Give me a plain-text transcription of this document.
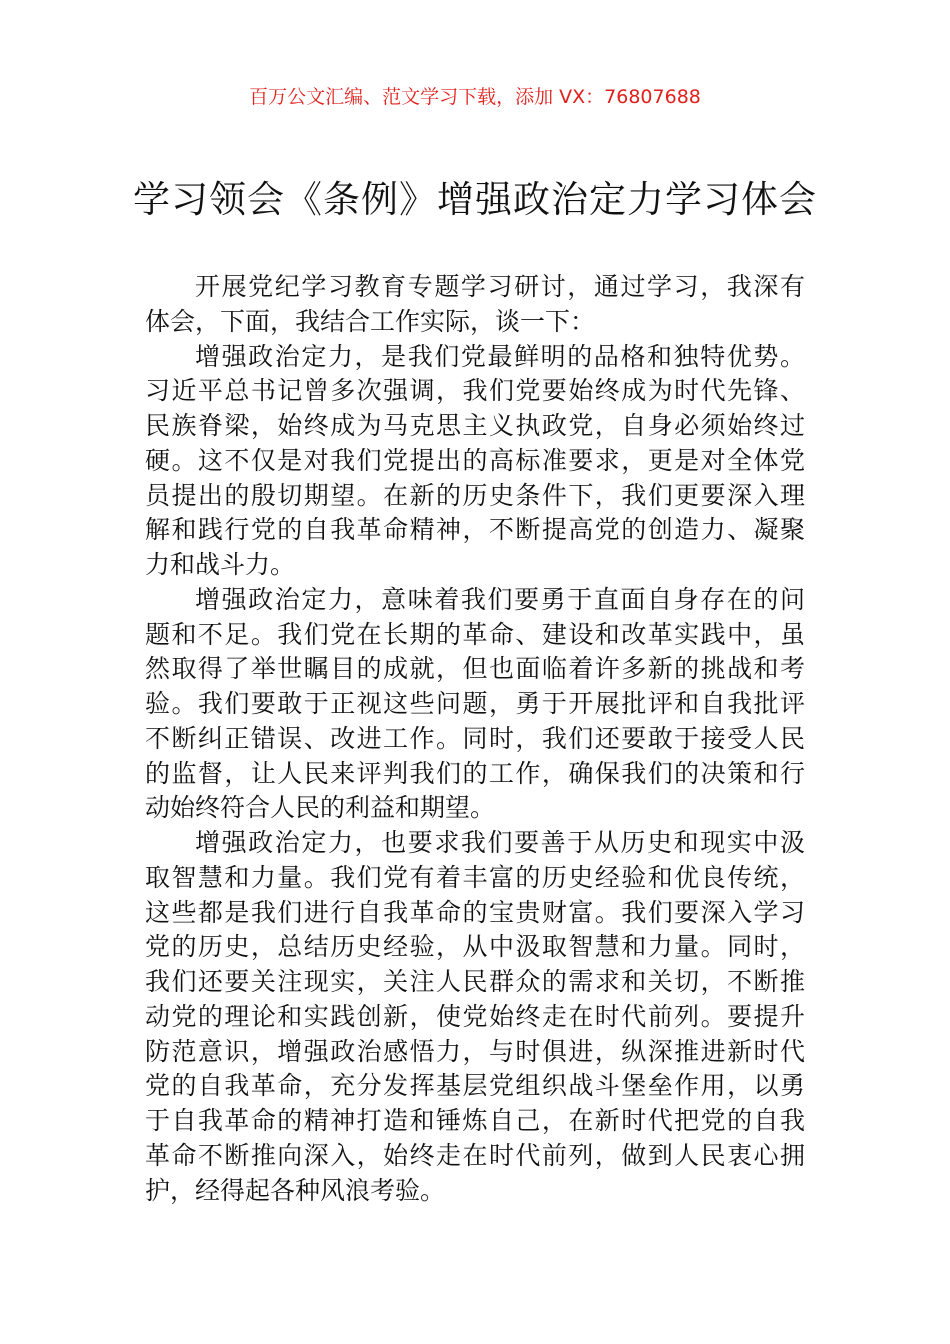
百万公文汇编、范文学习下载，添加 VX：76807688
学习领会《条例》增强政治定力学习体会
开展党纪学习教育专题学习研讨，通过学习，我深有
体会，下面，我结合工作实际，谈一下：
增强政治定力，是我们党最鲜明的品格和独特优势。
习近平总书记曾多次强调，我们党要始终成为时代先锋、
民族脊梁，始终成为马克思主义执政党，自身必须始终过
硬。这不仅是对我们党提出的高标准要求，更是对全体党
员提出的殷切期望。在新的历史条件下，我们更要深入理
解和践行党的自我革命精神，不断提高党的创造力、凝聚
力和战斗力。
增强政治定力，意味着我们要勇于直面自身存在的问
题和不足。我们党在长期的革命、建设和改革实践中，虽
然取得了举世瞩目的成就，但也面临着许多新的挑战和考
验。我们要敢于正视这些问题，勇于开展批评和自我批评
不断纠正错误、改进工作。同时，我们还要敢于接受人民
的监督，让人民来评判我们的工作，确保我们的决策和行
动始终符合人民的利益和期望。
增强政治定力，也要求我们要善于从历史和现实中汲
取智慧和力量。我们党有着丰富的历史经验和优良传统，
这些都是我们进行自我革命的宝贵财富。我们要深入学习
党的历史，总结历史经验，从中汲取智慧和力量。同时，
我们还要关注现实，关注人民群众的需求和关切，不断推
动党的理论和实践创新，使党始终走在时代前列。要提升
防范意识，增强政治感悟力，与时俱进，纵深推进新时代
党的自我革命，充分发挥基层党组织战斗堡垒作用，以勇
于自我革命的精神打造和锤炼自己，在新时代把党的自我
革命不断推向深入，始终走在时代前列，做到人民衷心拥
护，经得起各种风浪考验。
